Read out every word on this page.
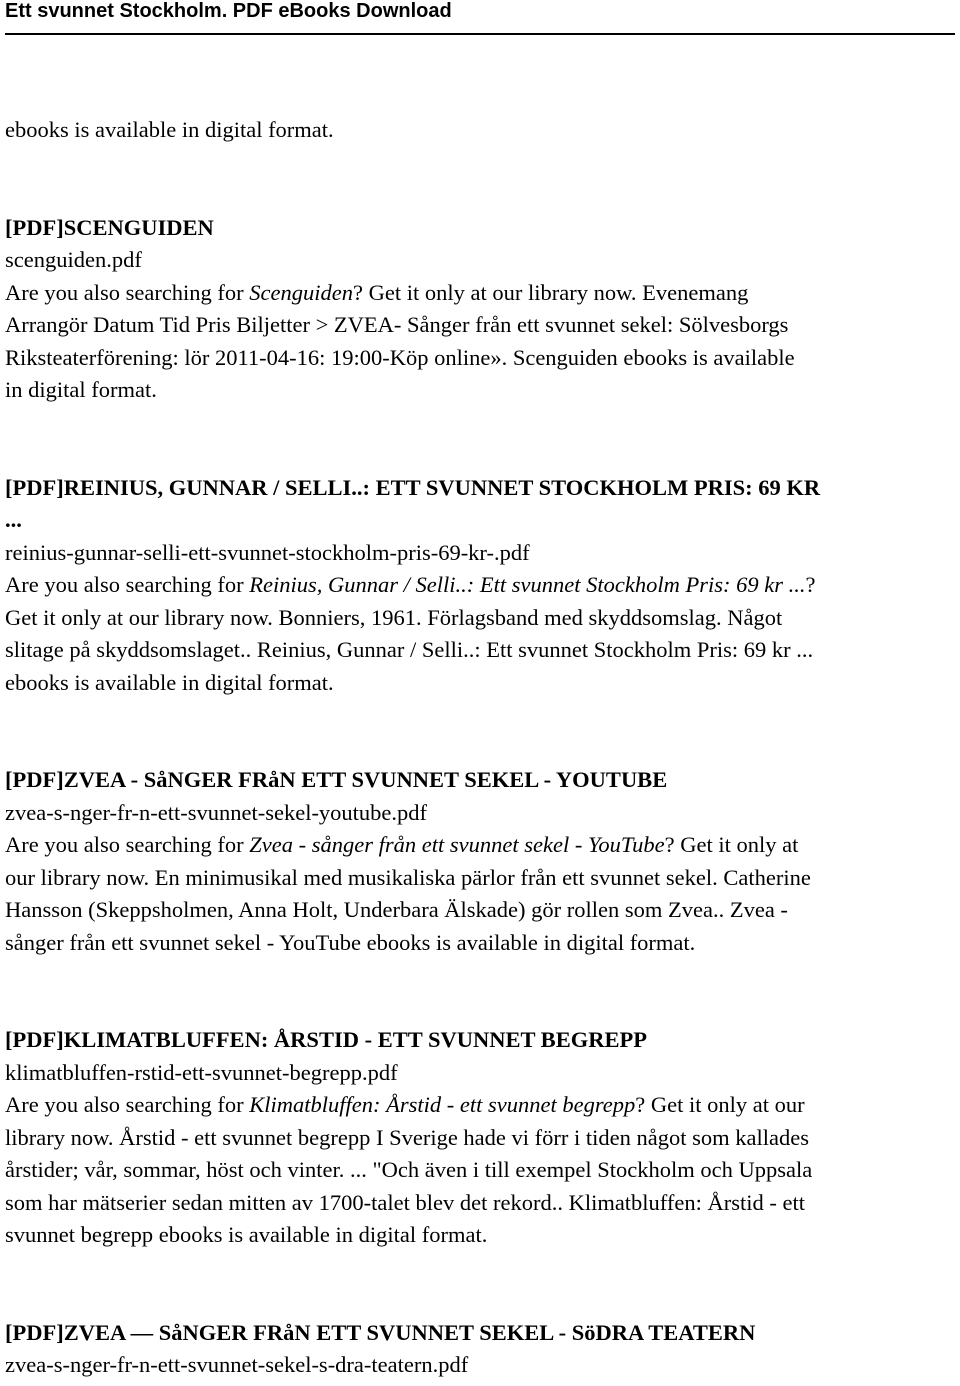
Ett svunnet Stockholm. PDF eBooks Download
ebooks is available in digital format.
[PDF]SCENGUIDEN
scenguiden.pdf
Are you also searching for Scenguiden? Get it only at our library now. Evenemang
Arrangör Datum Tid Pris Biljetter > ZVEA- Sånger från ett svunnet sekel: Sölvesborgs
Riksteaterförening: lör 2011-04-16: 19:00-Köp online». Scenguiden ebooks is available
in digital format.
[PDF]REINIUS, GUNNAR / SELLI..: ETT SVUNNET STOCKHOLM PRIS: 69 KR
...
reinius-gunnar-selli-ett-svunnet-stockholm-pris-69-kr-.pdf
Are you also searching for Reinius, Gunnar / Selli..: Ett svunnet Stockholm Pris: 69 kr ...?
Get it only at our library now. Bonniers, 1961. Förlagsband med skyddsomslag. Något
slitage på skyddsomslaget.. Reinius, Gunnar / Selli..: Ett svunnet Stockholm Pris: 69 kr ...
ebooks is available in digital format.
[PDF]ZVEA - SåNGER FRåN ETT SVUNNET SEKEL - YOUTUBE
zvea-s-nger-fr-n-ett-svunnet-sekel-youtube.pdf
Are you also searching for Zvea - sånger från ett svunnet sekel - YouTube? Get it only at
our library now. En minimusikal med musikaliska pärlor från ett svunnet sekel. Catherine
Hansson (Skeppsholmen, Anna Holt, Underbara Älskade) gör rollen som Zvea.. Zvea -
sånger från ett svunnet sekel - YouTube ebooks is available in digital format.
[PDF]KLIMATBLUFFEN: ÅRSTID - ETT SVUNNET BEGREPP
klimatbluffen-rstid-ett-svunnet-begrepp.pdf
Are you also searching for Klimatbluffen: Årstid - ett svunnet begrepp? Get it only at our
library now. Årstid - ett svunnet begrepp I Sverige hade vi förr i tiden något som kallades
årstider; vår, sommar, höst och vinter. ... "Och även i till exempel Stockholm och Uppsala
som har mätserier sedan mitten av 1700-talet blev det rekord.. Klimatbluffen: Årstid - ett
svunnet begrepp ebooks is available in digital format.
[PDF]ZVEA — SåNGER FRåN ETT SVUNNET SEKEL - SöDRA TEATERN
zvea-s-nger-fr-n-ett-svunnet-sekel-s-dra-teatern.pdf
